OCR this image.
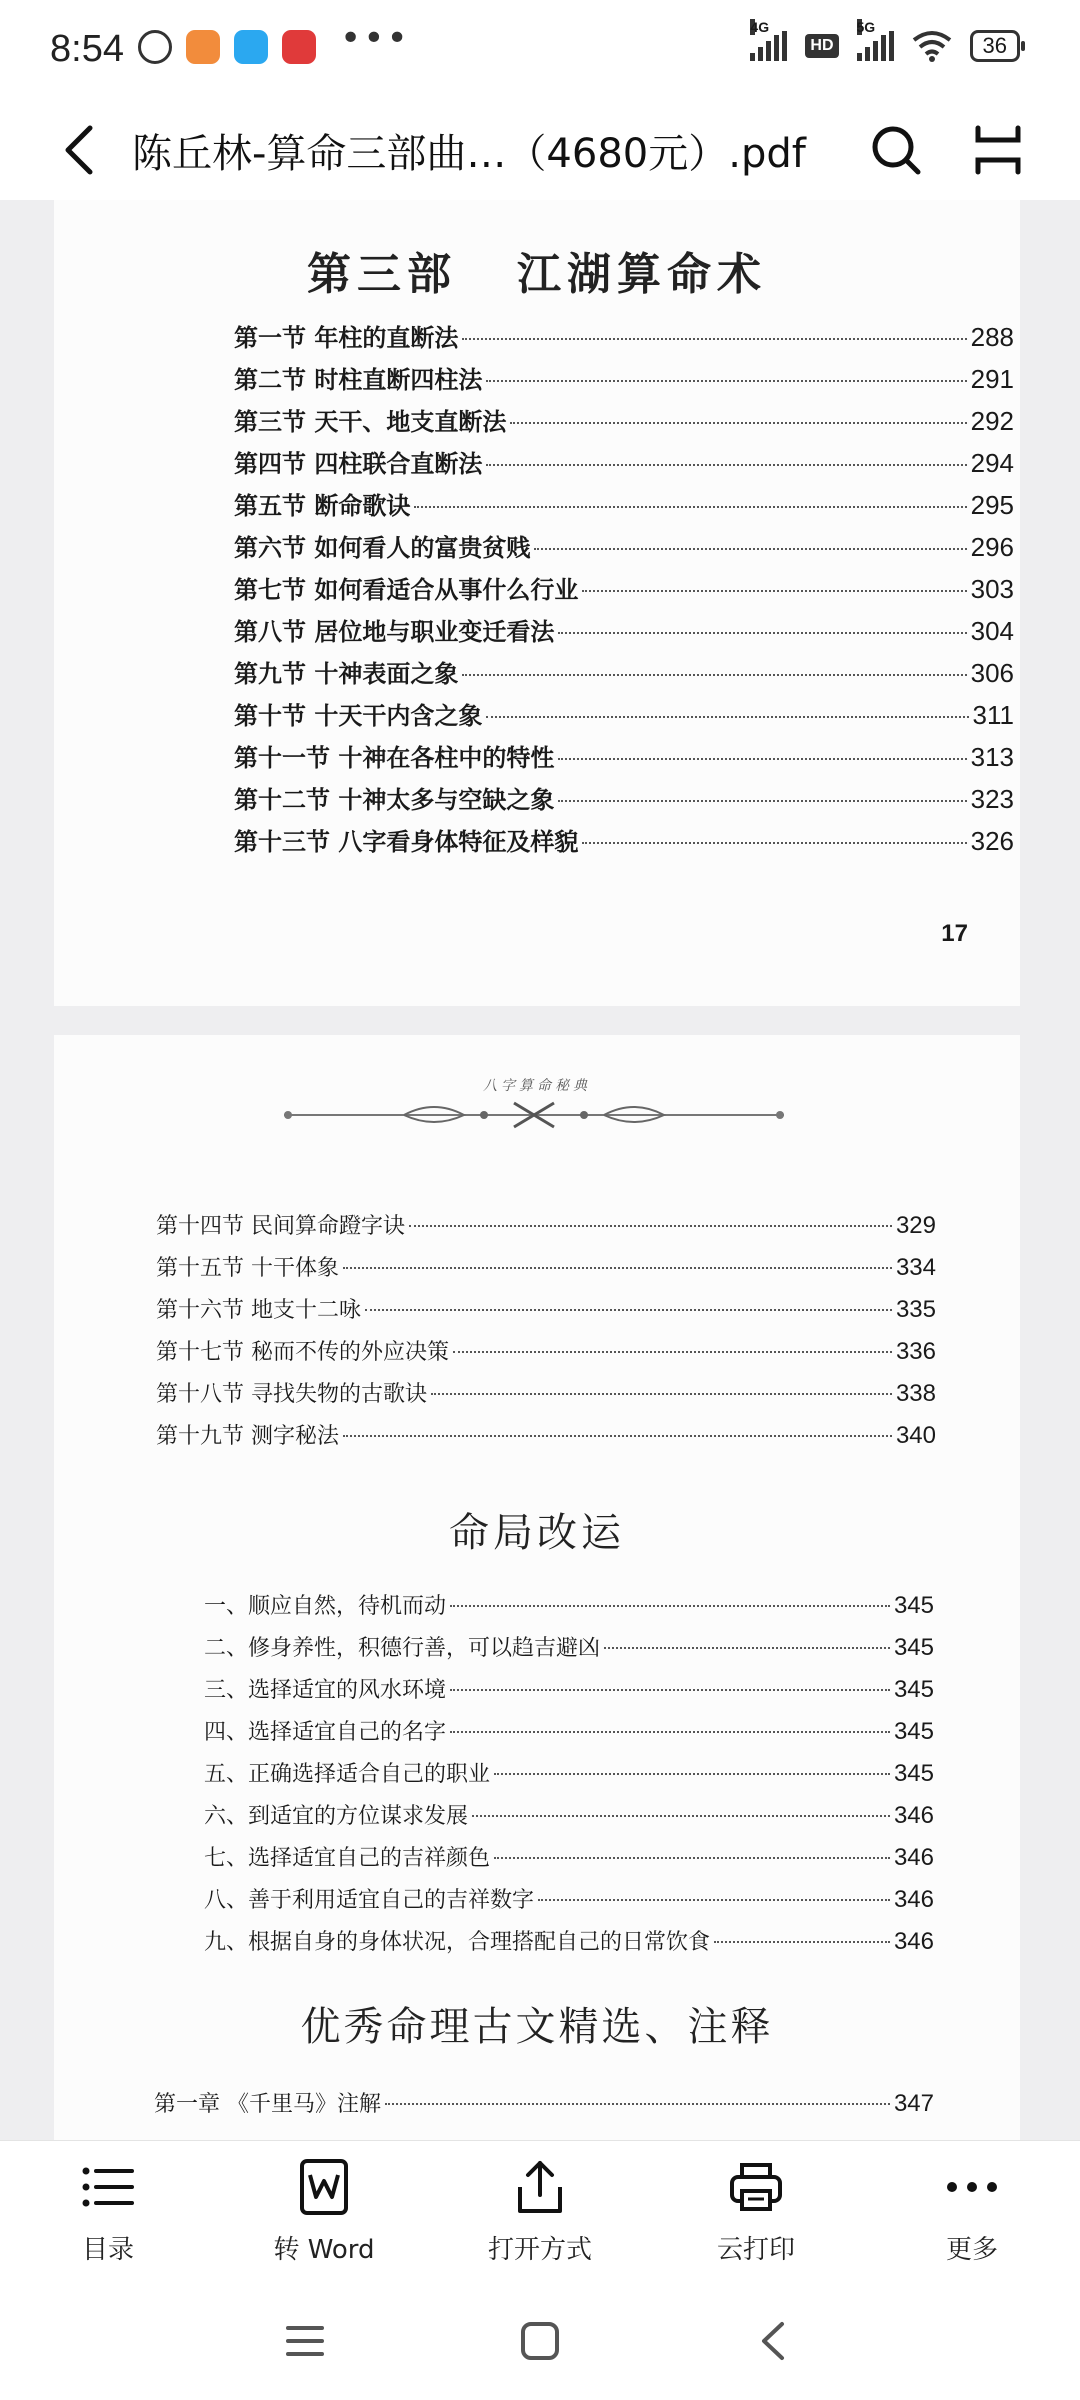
8:54	•••	4G
HD
5G
36
陈丘林-算命三部曲…（4680元）.pdf
第三部 江湖算命术
第一节 年柱的直断法	288
第二节 时柱直断四柱法	291
第三节 天干、地支直断法	292
第四节 四柱联合直断法	294
第五节 断命歌诀	295
第六节 如何看人的富贵贫贱	296
第七节 如何看适合从事什么行业	303
第八节 居位地与职业变迁看法	304
第九节 十神表面之象	306
第十节 十天干内含之象	311
第十一节 十神在各柱中的特性	313
第十二节 十神太多与空缺之象	323
第十三节 八字看身体特征及样貌	326
17
八字算命秘典
第十四节 民间算命蹬字诀	329
第十五节 十干体象	334
第十六节 地支十二咏	335
第十七节 秘而不传的外应决策	336
第十八节 寻找失物的古歌诀	338
第十九节 测字秘法	340
命局改运
一、顺应自然，待机而动	345
二、修身养性，积德行善，可以趋吉避凶	345
三、选择适宜的风水环境	345
四、选择适宜自己的名字	345
五、正确选择适合自己的职业	345
六、到适宜的方位谋求发展	346
七、选择适宜自己的吉祥颜色	346
八、善于利用适宜自己的吉祥数字	346
九、根据自身的身体状况，合理搭配自己的日常饮食	346
优秀命理古文精选、注释
第一章 《千里马》注解	347
目录	转 Word	打开方式	云打印	更多
